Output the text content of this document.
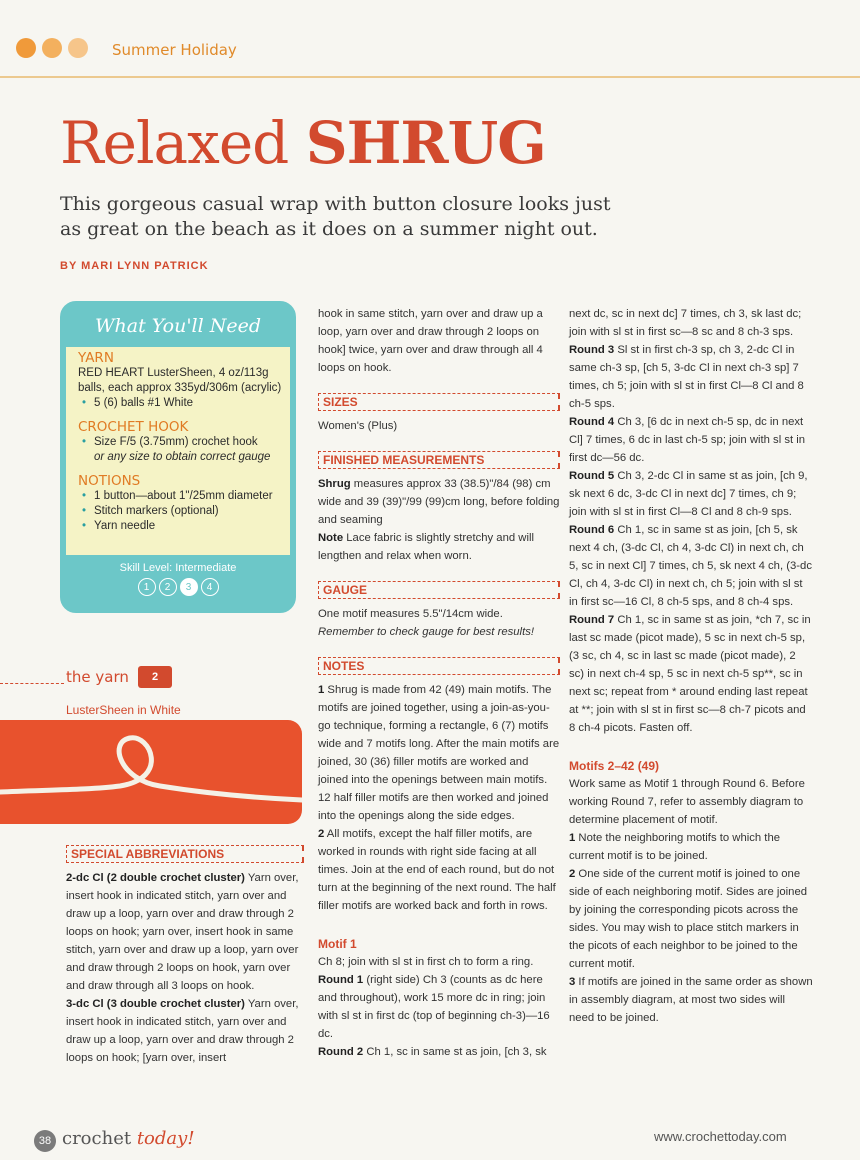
Summer Holiday
Relaxed SHRUG
This gorgeous casual wrap with button closure looks just as great on the beach as it does on a summer night out.
BY MARI LYNN PATRICK
What You'll Need
YARN
RED HEART LusterSheen, 4 oz/113g balls, each approx 335yd/306m (acrylic)
• 5 (6) balls #1 White
CROCHET HOOK
• Size F/5 (3.75mm) crochet hook
or any size to obtain correct gauge
NOTIONS
• 1 button—about 1"/25mm diameter
• Stitch markers (optional)
• Yarn needle
Skill Level: Intermediate
1	2	3	4
the yarn	2
LusterSheen in White
SPECIAL ABBREVIATIONS

2-dc Cl (2 double crochet cluster) Yarn over, insert hook in indicated stitch, yarn over and draw up a loop, yarn over and draw through 2 loops on hook; yarn over, insert hook in same stitch, yarn over and draw up a loop, yarn over and draw through 2 loops on hook, yarn over and draw through all 3 loops on hook.

3-dc Cl (3 double crochet cluster) Yarn over, insert hook in indicated stitch, yarn over and draw up a loop, yarn over and draw through 2 loops on hook; [yarn over, insert

hook in same stitch, yarn over and draw up a loop, yarn over and draw through 2 loops on hook] twice, yarn over and draw through all 4 loops on hook.

SIZES

Women's (Plus)

FINISHED MEASUREMENTS

Shrug measures approx 33 (38.5)"/84 (98) cm wide and 39 (39)"/99 (99)cm long, before folding and seaming

Note Lace fabric is slightly stretchy and will lengthen and relax when worn.

GAUGE

One motif measures 5.5"/14cm wide.

Remember to check gauge for best results!

NOTES

1 Shrug is made from 42 (49) main motifs. The motifs are joined together, using a join-as-you-go technique, forming a rectangle, 6 (7) motifs wide and 7 motifs long. After the main motifs are joined, 30 (36) filler motifs are worked and joined into the openings between main motifs. 12 half filler motifs are then worked and joined into the openings along the side edges.

2 All motifs, except the half filler motifs, are worked in rounds with right side facing at all times. Join at the end of each round, but do not turn at the beginning of the next round. The half filler motifs are worked back and forth in rows.

Motif 1

Ch 8; join with sl st in first ch to form a ring.

Round 1 (right side) Ch 3 (counts as dc here and throughout), work 15 more dc in ring; join with sl st in first dc (top of beginning ch-3)—16 dc.

Round 2 Ch 1, sc in same st as join, [ch 3, sk

next dc, sc in next dc] 7 times, ch 3, sk last dc; join with sl st in first sc—8 sc and 8 ch-3 sps.

Round 3 Sl st in first ch-3 sp, ch 3, 2-dc Cl in same ch-3 sp, [ch 5, 3-dc Cl in next ch-3 sp] 7 times, ch 5; join with sl st in first Cl—8 Cl and 8 ch-5 sps.

Round 4 Ch 3, [6 dc in next ch-5 sp, dc in next Cl] 7 times, 6 dc in last ch-5 sp; join with sl st in first dc—56 dc.

Round 5 Ch 3, 2-dc Cl in same st as join, [ch 9, sk next 6 dc, 3-dc Cl in next dc] 7 times, ch 9; join with sl st in first Cl—8 Cl and 8 ch-9 sps.

Round 6 Ch 1, sc in same st as join, [ch 5, sk next 4 ch, (3-dc Cl, ch 4, 3-dc Cl) in next ch, ch 5, sc in next Cl] 7 times, ch 5, sk next 4 ch, (3-dc Cl, ch 4, 3-dc Cl) in next ch, ch 5; join with sl st in first sc—16 Cl, 8 ch-5 sps, and 8 ch-4 sps.

Round 7 Ch 1, sc in same st as join, *ch 7, sc in last sc made (picot made), 5 sc in next ch-5 sp, (3 sc, ch 4, sc in last sc made (picot made), 2 sc) in next ch-4 sp, 5 sc in next ch-5 sp**, sc in next sc; repeat from * around ending last repeat at **; join with sl st in first sc—8 ch-7 picots and 8 ch-4 picots. Fasten off.

Motifs 2–42 (49)

Work same as Motif 1 through Round 6. Before working Round 7, refer to assembly diagram to determine placement of motif.

1 Note the neighboring motifs to which the current motif is to be joined.

2 One side of the current motif is joined to one side of each neighboring motif. Sides are joined by joining the corresponding picots across the sides. You may wish to place stitch markers in the picots of each neighbor to be joined to the current motif.

3 If motifs are joined in the same order as shown in assembly diagram, at most two sides will need to be joined.

38 crochet today!	www.crochettoday.com
